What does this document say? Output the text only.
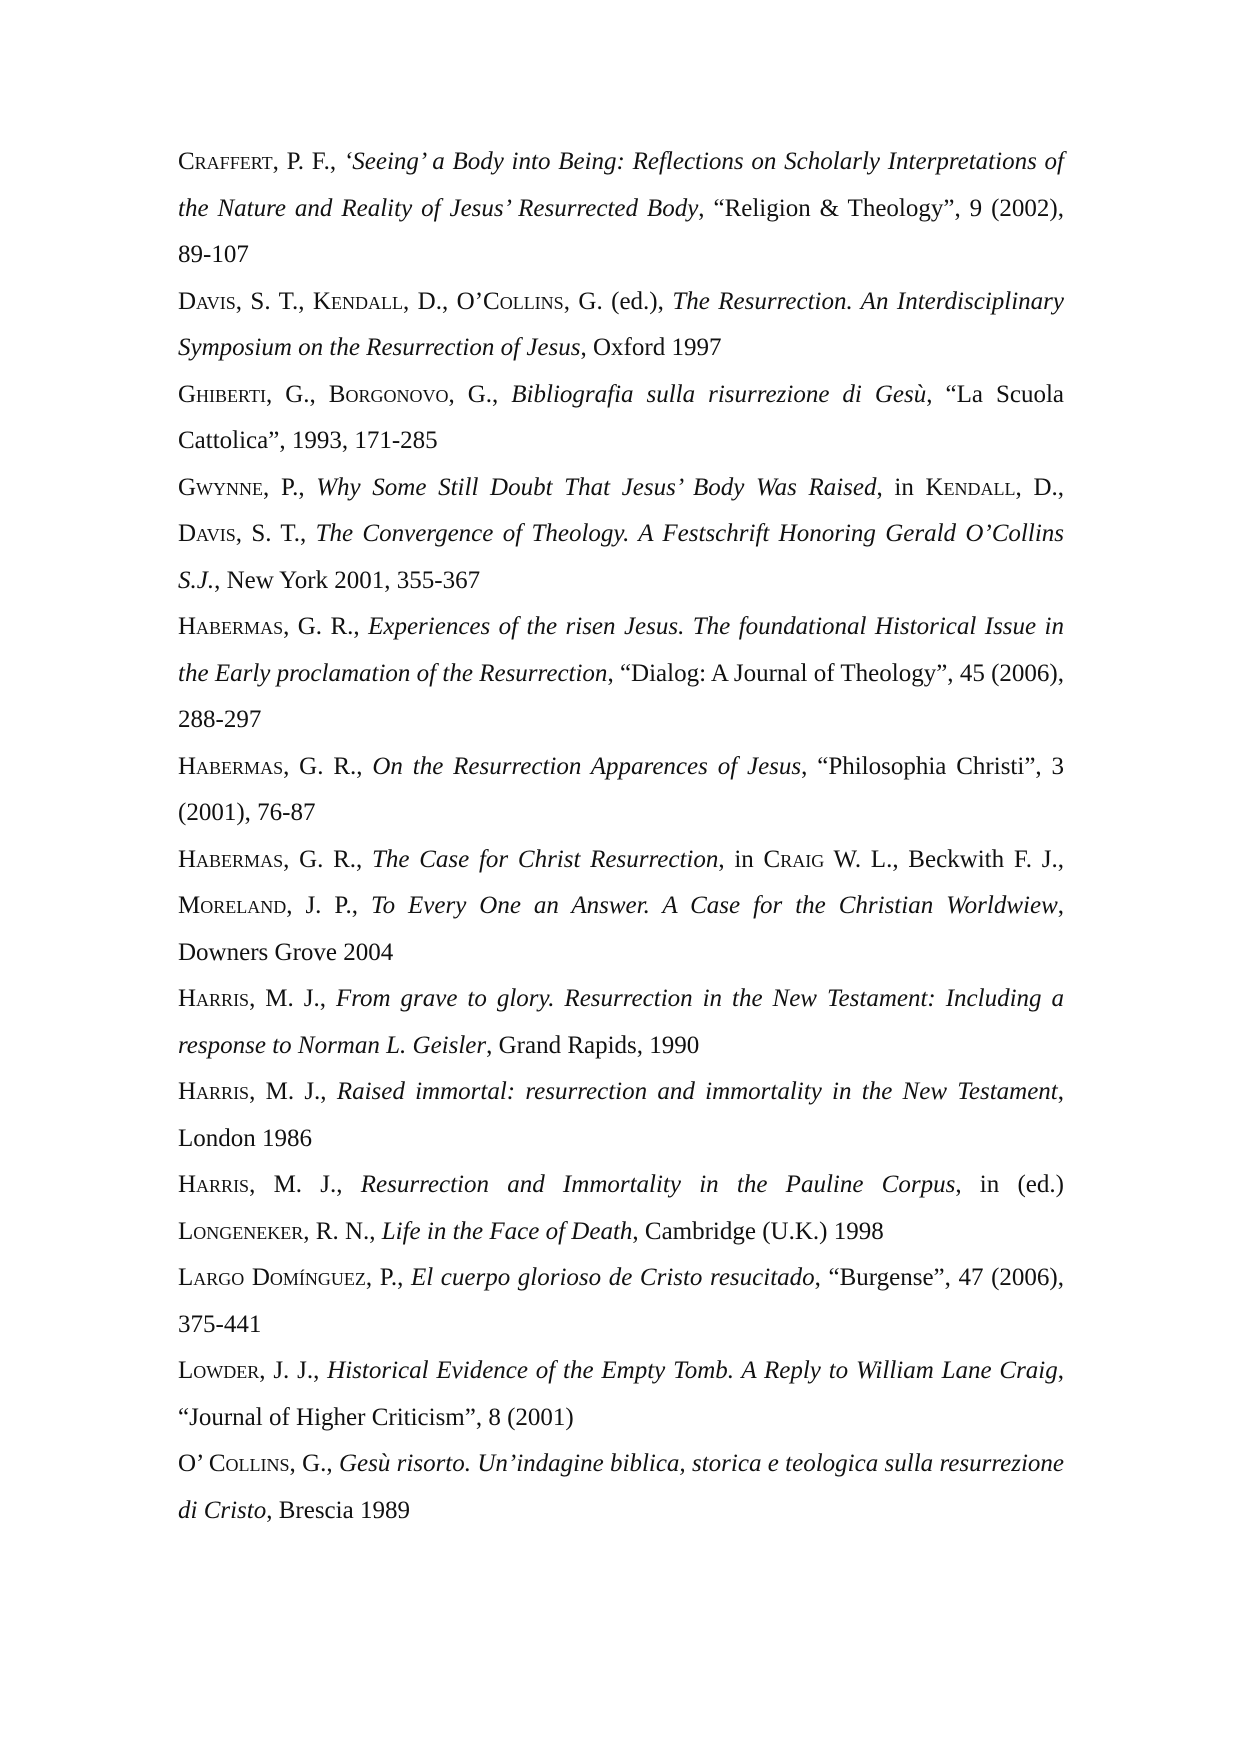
Craffert, P. F., ‘Seeing’ a Body into Being: Reflections on Scholarly Interpretations of the Nature and Reality of Jesus’ Resurrected Body, “Religion & Theology”, 9 (2002), 89-107

Davis, S. T., Kendall, D., O’Collins, G. (ed.), The Resurrection. An Interdisciplinary Symposium on the Resurrection of Jesus, Oxford 1997

Ghiberti, G., Borgonovo, G., Bibliografia sulla risurrezione di Gesù, “La Scuola Cattolica”, 1993, 171-285

Gwynne, P., Why Some Still Doubt That Jesus’ Body Was Raised, in Kendall, D., Davis, S. T., The Convergence of Theology. A Festschrift Honoring Gerald O’Collins S.J., New York 2001, 355-367

Habermas, G. R., Experiences of the risen Jesus. The foundational Historical Issue in the Early proclamation of the Resurrection, “Dialog: A Journal of Theology”, 45 (2006), 288-297

Habermas, G. R., On the Resurrection Apparences of Jesus, “Philosophia Christi”, 3 (2001), 76-87

Habermas, G. R., The Case for Christ Resurrection, in Craig W. L., Beckwith F. J., Moreland, J. P., To Every One an Answer. A Case for the Christian Worldwiew, Downers Grove 2004

Harris, M. J., From grave to glory. Resurrection in the New Testament: Including a response to Norman L. Geisler, Grand Rapids, 1990

Harris, M. J., Raised immortal: resurrection and immortality in the New Testament, London 1986

Harris, M. J., Resurrection and Immortality in the Pauline Corpus, in (ed.) Longeneker, R. N., Life in the Face of Death, Cambridge (U.K.) 1998

Largo Domínguez, P., El cuerpo glorioso de Cristo resucitado, “Burgense”, 47 (2006), 375-441

Lowder, J. J., Historical Evidence of the Empty Tomb. A Reply to William Lane Craig, “Journal of Higher Criticism”, 8 (2001)

O’ Collins, G., Gesù risorto. Un’indagine biblica, storica e teologica sulla resurrezione di Cristo, Brescia 1989
